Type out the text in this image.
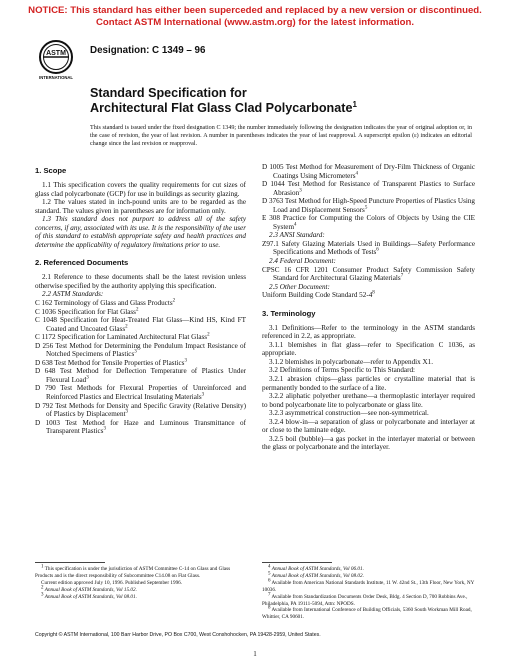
NOTICE: This standard has either been superceded and replaced by a new version or discontinued.
Contact ASTM International (www.astm.org) for the latest information.
ASTM
INTERNATIONAL
Designation: C 1349 – 96
Standard Specification for
Architectural Flat Glass Clad Polycarbonate$^1$
This standard is issued under the fixed designation C 1349; the number immediately following the designation indicates the year of original adoption or, in the case of revision, the year of last revision. A number in parentheses indicates the year of last reapproval. A superscript epsilon (ε) indicates an editorial change since the last revision or reapproval.
1. Scope

1.1 This specification covers the quality requirements for cut sizes of glass clad polycarbonate (GCP) for use in buildings as security glazing.

1.2 The values stated in inch-pound units are to be regarded as the standard. The values given in parentheses are for information only.

1.3 This standard does not purport to address all of the safety concerns, if any, associated with its use. It is the responsibility of the user of this standard to establish appropriate safety and health practices and determine the applicability of regulatory limitations prior to use.

2. Referenced Documents

2.1 Reference to these documents shall be the latest revision unless otherwise specified by the authority applying this specification.

2.2 ASTM Standards:

C 162 Terminology of Glass and Glass Products$^2$
C 1036 Specification for Flat Glass$^2$
C 1048 Specification for Heat-Treated Flat Glass—Kind HS, Kind FT Coated and Uncoated Glass$^2$
C 1172 Specification for Laminated Architectural Flat Glass$^2$
D 256 Test Method for Determining the Pendulum Impact Resistance of Notched Specimens of Plastics$^3$
D 638 Test Method for Tensile Properties of Plastics$^3$
D 648 Test Method for Deflection Temperature of Plastics Under Flexural Load$^3$
D 790 Test Methods for Flexural Properties of Unreinforced and Reinforced Plastics and Electrical Insulating Materials$^3$
D 792 Test Methods for Density and Specific Gravity (Relative Density) of Plastics by Displacement$^3$
D 1003 Test Method for Haze and Luminous Transmittance of Transparent Plastics$^3$
D 1005 Test Method for Measurement of Dry-Film Thickness of Organic Coatings Using Micrometers$^4$
D 1044 Test Method for Resistance of Transparent Plastics to Surface Abrasion$^3$
D 3763 Test Method for High-Speed Puncture Properties of Plastics Using Load and Displacement Sensors$^5$
E 308 Practice for Computing the Colors of Objects by Using the CIE System$^4$

2.3 ANSI Standard:

Z97.1 Safety Glazing Materials Used in Buildings—Safety Performance Specifications and Methods of Tests$^6$

2.4 Federal Document:

CPSC 16 CFR 1201 Consumer Product Safety Commission Safety Standard for Architectural Glazing Materials$^7$

2.5 Other Document:

Uniform Building Code Standard $52-4^8$
3. Terminology

3.1 Definitions—Refer to the terminology in the ASTM standards referenced in 2.2, as appropriate.

3.1.1 blemishes in flat glass—refer to Specification C 1036, as appropriate.

3.1.2 blemishes in polycarbonate—refer to Appendix X1.

3.2 Definitions of Terms Specific to This Standard:

3.2.1 abrasion chips—glass particles or crystalline material that is permanently bonded to the surface of a lite.

3.2.2 aliphatic polyether urethane—a thermoplastic interlayer required to bond polycarbonate lite to polycarbonate or glass lite.

3.2.3 asymmetrical construction—see non-symmetrical.

3.2.4 blow-in—a separation of glass or polycarbonate and interlayer at or close to the laminate edge.

3.2.5 boil (bubble)—a gas pocket in the interlayer material or between the glass or polycarbonate and the interlayer.

$^1$ This specification is under the jurisdiction of ASTM Committee C-14 on Glass and Glass Products and is the direct responsibility of Subcommittee C14.08 on Flat Glass.

Current edition approved July 10, 1996. Published September 1996.

$^2$ Annual Book of ASTM Standards, Vol 15.02.

$^3$ Annual Book of ASTM Standards, Vol 08.01.

$^4$ Annual Book of ASTM Standards, Vol 06.01.

$^5$ Annual Book of ASTM Standards, Vol 08.02.

$^6$ Available from American National Standards Institute, 11 W. 42nd St., 13th Floor, New York, NY 10036.

$^7$ Available from Standardization Documents Order Desk, Bldg. 4 Section D, 700 Robbins Ave., Philadelphia, PA 19111-5094, Attn: NPODS.

$^8$ Available from International Conference of Building Officials, 5360 South Workman Mill Road, Whittier, CA 90601.

Copyright © ASTM International, 100 Barr Harbor Drive, PO Box C700, West Conshohocken, PA 19428-2959, United States.
1
